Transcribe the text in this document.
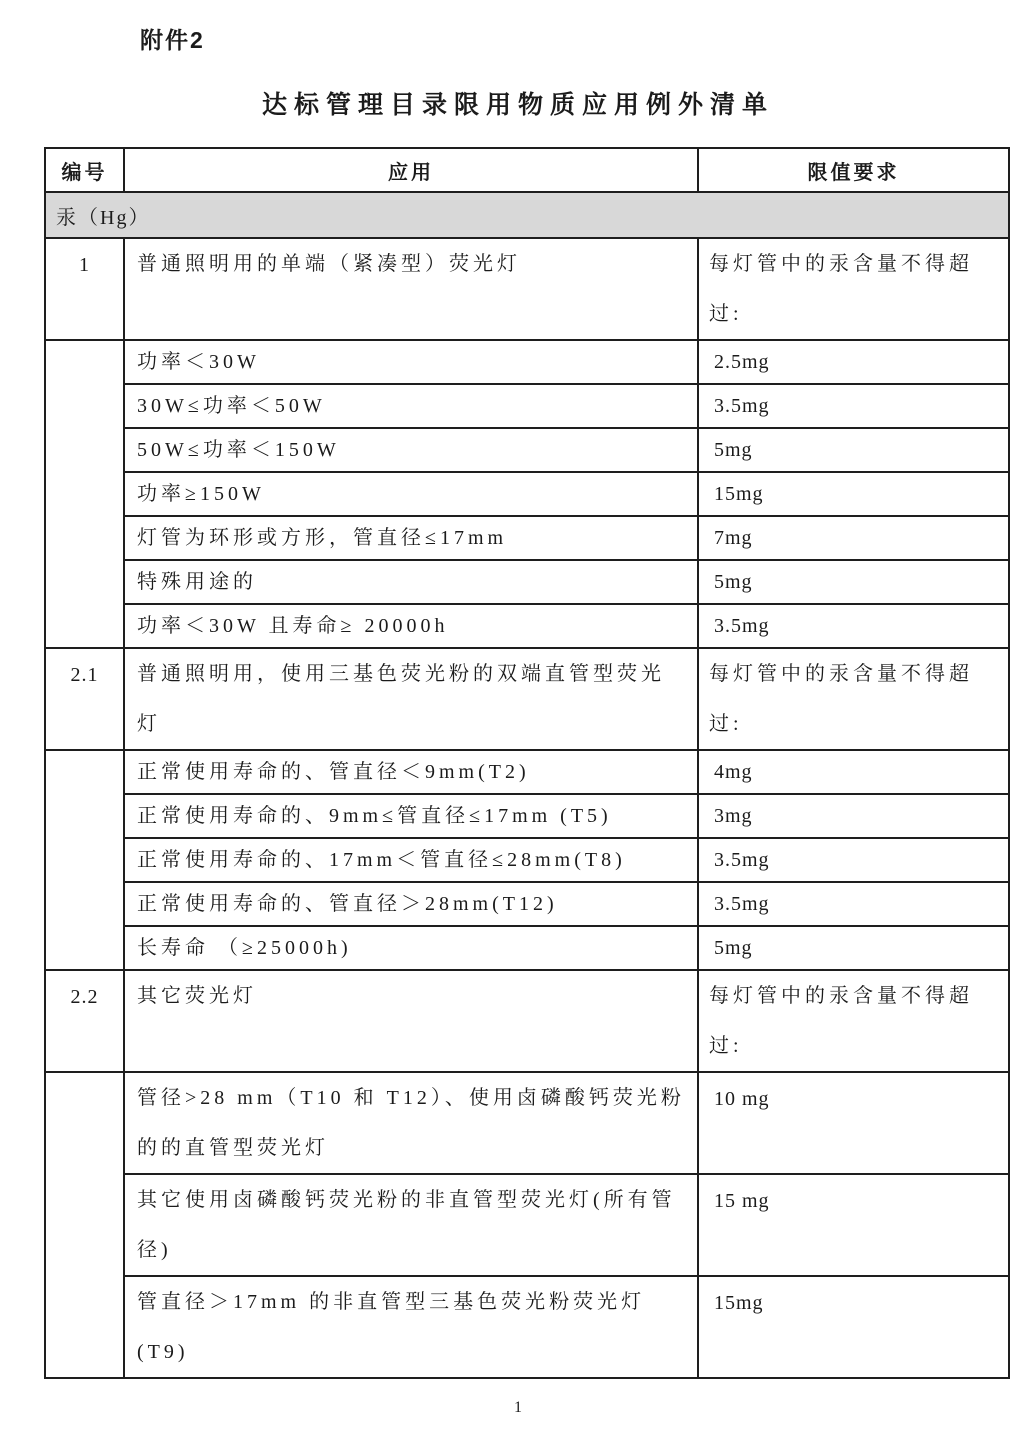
附件2
达标管理目录限用物质应用例外清单
编号	应用	限值要求
汞（Hg）		
1	普通照明用的单端（紧凑型）荧光灯	每灯管中的汞含量不得超过:
	功率＜30W	2.5mg
	30W≤功率＜50W	3.5mg
	50W≤功率＜150W	5mg
	功率≥150W	15mg
	灯管为环形或方形，管直径≤17mm	7mg
	特殊用途的	5mg
	功率＜30W 且寿命≥ 20000h	3.5mg
2.1	普通照明用，使用三基色荧光粉的双端直管型荧光灯	每灯管中的汞含量不得超过:
	正常使用寿命的、管直径＜9mm(T2)	4mg
	正常使用寿命的、9mm≤管直径≤17mm (T5)	3mg
	正常使用寿命的、17mm＜管直径≤28mm(T8)	3.5mg
	正常使用寿命的、管直径＞28mm(T12)	3.5mg
	长寿命 （≥25000h)	5mg
2.2	其它荧光灯	每灯管中的汞含量不得超过:
	管径>28 mm（T10 和 T12）、使用卤磷酸钙荧光粉的的直管型荧光灯	10 mg
	其它使用卤磷酸钙荧光粉的非直管型荧光灯(所有管径)	15 mg
	管直径＞17mm 的非直管型三基色荧光粉荧光灯(T9)	15mg
1
